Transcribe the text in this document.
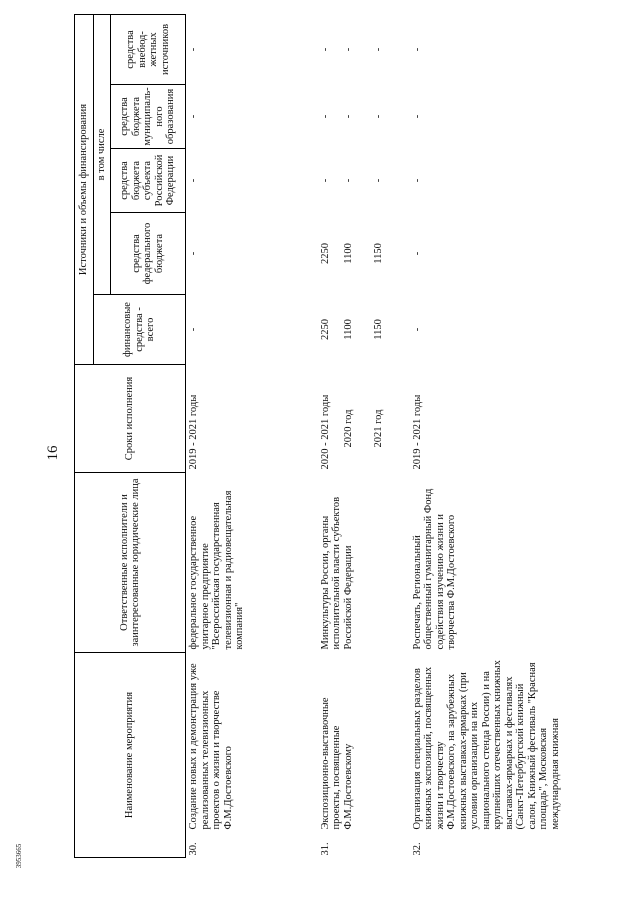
16
3953665
Наименование мероприятия		Ответственные исполнители и заинтересованные юридические лица	Сроки исполнения	Источники и объемы финансирования				
				финансовые средства - всего	в том числе			
					средства федерального бюджета	средства бюджета субъекта Российской Федерации	средства бюджета муниципаль-ного образования	средства внебюд-жетных источников
30.	Создание новых и демонстрация уже реализованных телевизионных проектов о жизни и творчестве Ф.М.Достоевского	федеральное государственное унитарное предприятие "Всероссийская государственная телевизионная и радиовещательная компания"	2019 - 2021 годы	-	-	-	-	-
31.	Экспозиционно-выставочные проекты, посвященные Ф.М.Достоевскому	Минкультуры России, органы исполнительной власти субъектов Российской Федерации	2020 - 2021 годы 2020 год 2021 год	2250 1100 1150	2250 1100 1150	- - -	- - -	- - -

32.	Организация специальных разделов книжных экспозиций, посвященных жизни и творчеству Ф.М.Достоевского, на зарубежных книжных выставках-ярмарках (при условии организации на них национального стенда России) и на крупнейших отечественных книжных выставках-ярмарках и фестивалях (Санкт-Петербургский книжный салон, Книжный фестиваль "Красная площадь", Московская международная книжная	Роспечать, Региональный общественный гуманитарный Фонд содействия изучению жизни и творчества Ф.М.Достоевского	2019 - 2021 годы	-	-	-	-	-
